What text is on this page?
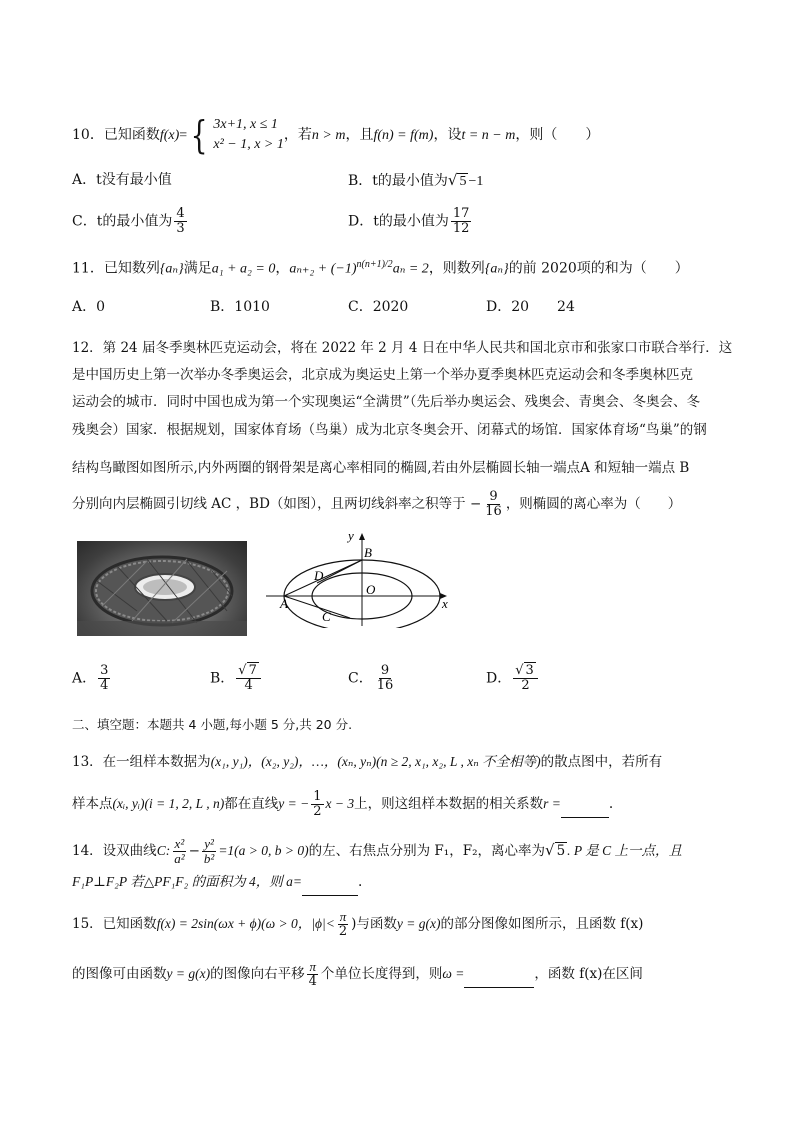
10．已知函数f(x)= { 3x+1, x ≤ 1
x² − 1, x > 1
，若n > m，且f(n) = f(m)，设t = n − m，则（　　）
A．t没有最小值	B．t的最小值为√ 5 −1
C．t的最小值为 $\frac{4}{3}$	D．t的最小值为 $\frac{17}{12}$
11．已知数列{aₙ}满足a₁ + a₂ = 0，$a_{n+2} + (-1)^{n(n+1)/2}a_n = 2$，则数列{aₙ}的前 2020项的和为（　　）
A．0	B．1010	C．2020	D．20　　24
12．第 24 届冬季奥林匹克运动会，将在 2022 年 2 月 4 日在中华人民共和国北京市和张家口市联合举行．这
是中国历史上第一次举办冬季奥运会，北京成为奥运史上第一个举办夏季奥林匹克运动会和冬季奥林匹克
运动会的城市．同时中国也成为第一个实现奥运“全满贯”（先后举办奥运会、残奥会、青奥会、冬奥会、冬
残奥会）国家．根据规划，国家体育场（鸟巢）成为北京冬奥会开、闭幕式的场馆．国家体育场“鸟巢”的钢
结构鸟瞰图如图所示,内外两圈的钢骨架是离心率相同的椭圆,若由外层椭圆长轴一端点A 和短轴一端点 B
分别向内层椭圆引切线 AC ，BD（如图），且两切线斜率之积等于 − $\frac{9}{16}$ ，则椭圆的离心率为（　　）
y
x
B
D
O
A
C
A． $\frac{3}{4}$	B． $\frac{√ 7}{4}$	C． $\frac{9}{16}$	D． $\frac{√ 3}{2}$
二、填空题：本题共 4 小题,每小题 5 分,共 20 分.
13．在一组样本数据为(x₁, y₁)，(x₂, y₂)，…，(xₙ, yₙ)(n ≥ 2, x₁, x₂, L , xₙ 不全相等)的散点图中，若所有
样本点(xᵢ, yᵢ)(i = 1, 2, L , n)都在直线y = − $\frac{1}{2}$ x − 3上，则这组样本数据的相关系数r =	.
14．设双曲线C: $\frac{\text{x²}}{\text{a²}} - \frac{\text{y²}}{\text{b²}} =1(a > 0$, b > 0)的左、右焦点分别为 F₁，F₂，离心率为√ 5 . P 是 C 上一点，且
F₁P⊥F₂P 若△PF₁F₂ 的面积为 4，则 a=	.
15．已知函数f(x) = 2sin(ωx + ϕ)(ω > 0，$|\phi|< \frac{\pi}{2}$ )与函数y = g(x)的部分图像如图所示，且函数 f(x)
的图像可由函数y = g(x)的图像向右平移 $\frac{\pi}{4}$ 个单位长度得到，则ω =	，函数 f(x)在区间
